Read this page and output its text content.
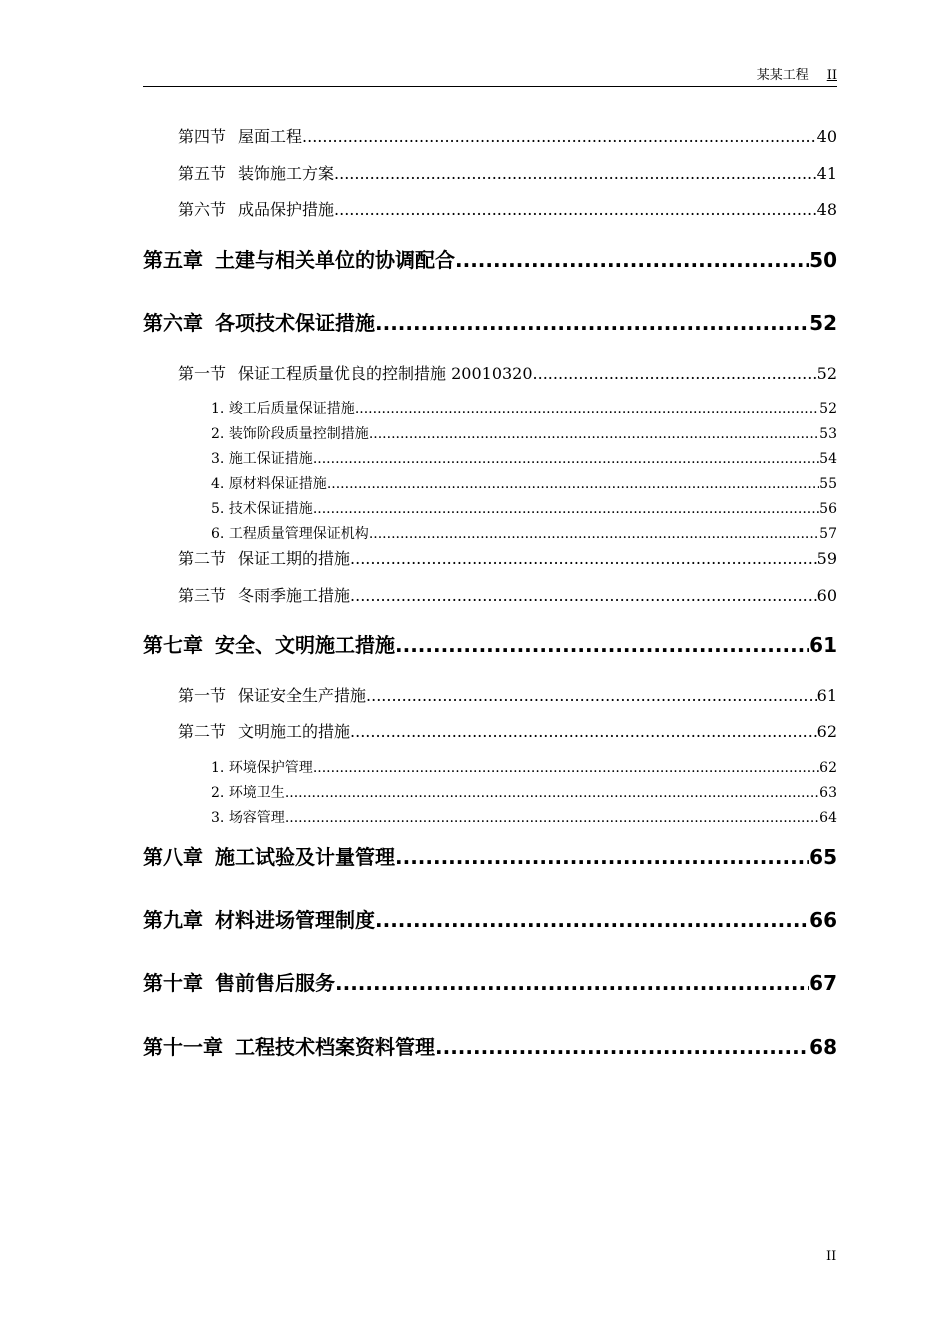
某某工程 II
第四节 屋面工程 .....	40
第五节 装饰施工方案 .....	41
第六节 成品保护措施 .....	48
第五章 土建与相关单位的协调配合 .....	50
第六章 各项技术保证措施 .....	52
第一节 保证工程质量优良的控制措施 20010320 .....	52
1. 竣工后质量保证措施 .....	52
2. 装饰阶段质量控制措施 .....	53
3. 施工保证措施 .....	54
4. 原材料保证措施 .....	55
5. 技术保证措施 .....	56
6. 工程质量管理保证机构 .....	57
第二节 保证工期的措施 .....	59
第三节 冬雨季施工措施 .....	60
第七章 安全、文明施工措施 .....	61
第一节 保证安全生产措施 .....	61
第二节 文明施工的措施 .....	62
1. 环境保护管理 .....	62
2. 环境卫生 .....	63
3. 场容管理 .....	64
第八章 施工试验及计量管理 .....	65
第九章 材料进场管理制度 .....	66
第十章 售前售后服务 .....	67
第十一章 工程技术档案资料管理 .....	68
II
